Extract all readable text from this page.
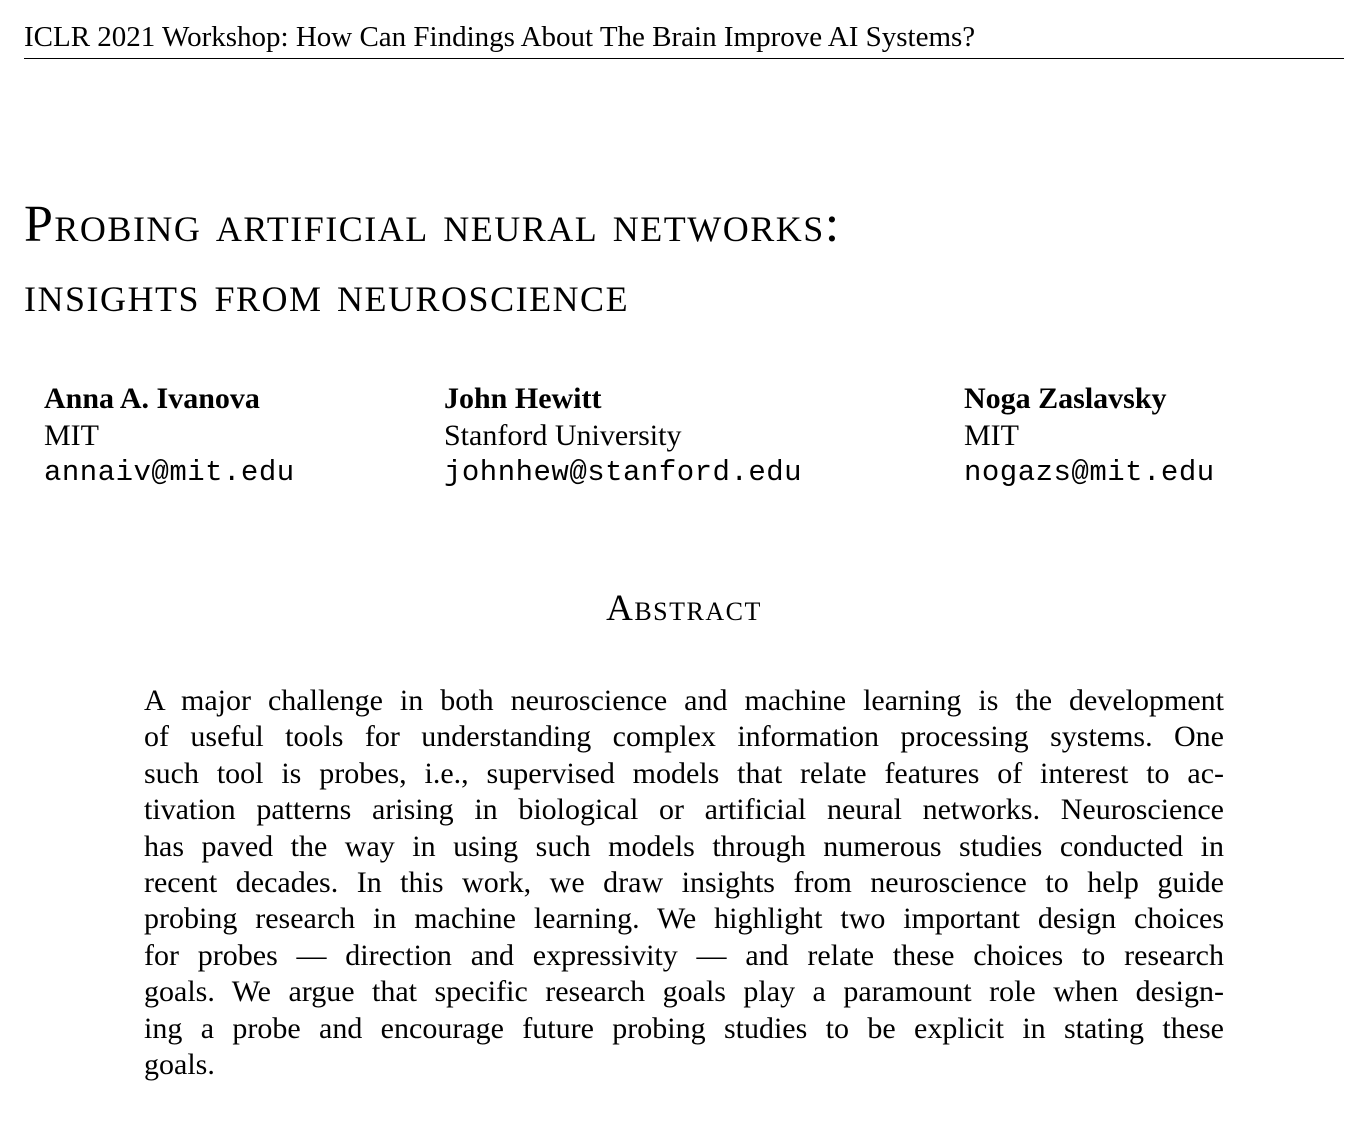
ICLR 2021 Workshop: How Can Findings About The Brain Improve AI Systems?
Probing artificial neural networks:
insights from neuroscience
Anna A. Ivanova
MIT
annaiv@mit.edu
John Hewitt
Stanford University
johnhew@stanford.edu
Noga Zaslavsky
MIT
nogazs@mit.edu
Abstract

A major challenge in both neuroscience and machine learning is the development
of useful tools for understanding complex information processing systems. One
such tool is probes, i.e., supervised models that relate features of interest to ac-
tivation patterns arising in biological or artificial neural networks. Neuroscience
has paved the way in using such models through numerous studies conducted in
recent decades. In this work, we draw insights from neuroscience to help guide
probing research in machine learning. We highlight two important design choices
for probes — direction and expressivity — and relate these choices to research
goals. We argue that specific research goals play a paramount role when design-
ing a probe and encourage future probing studies to be explicit in stating these
goals.
